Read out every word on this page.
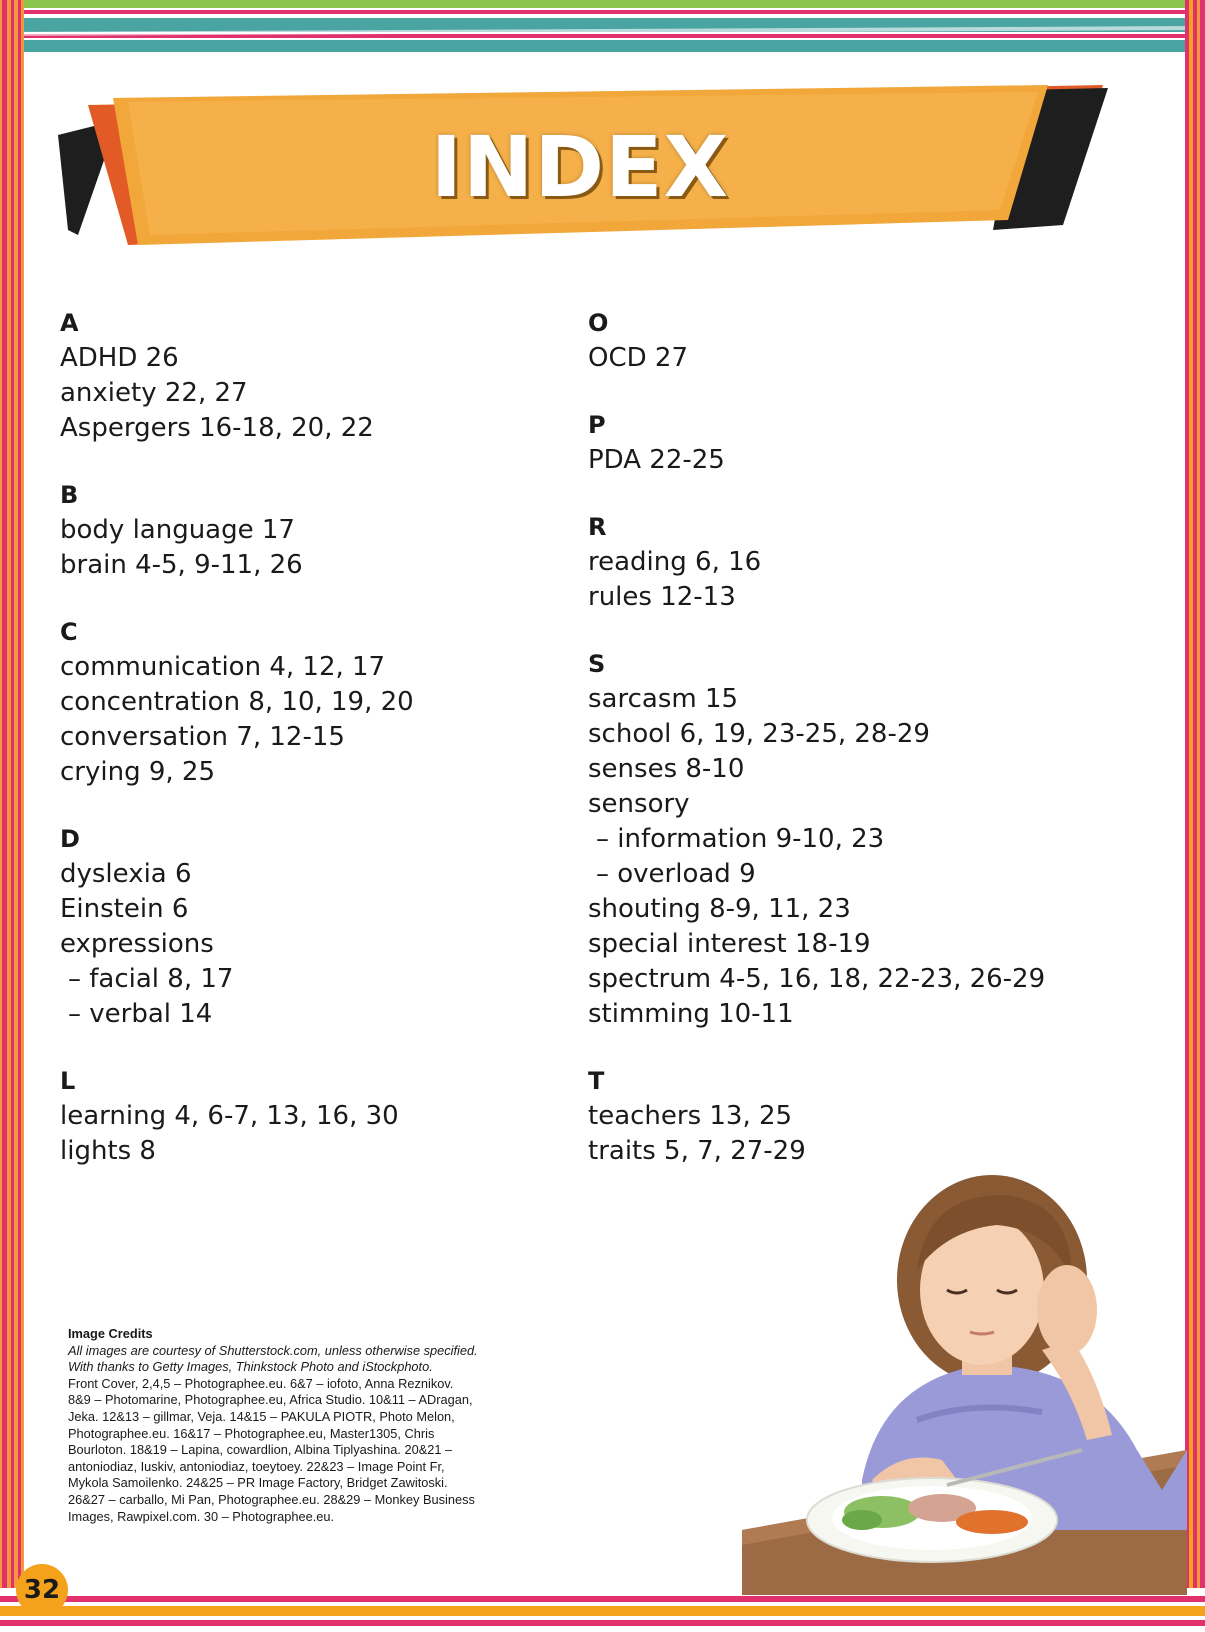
INDEX
A
ADHD 26
anxiety 22, 27
Aspergers 16-18, 20, 22
B
body language 17
brain 4-5, 9-11, 26
C
communication 4, 12, 17
concentration 8, 10, 19, 20
conversation 7, 12-15
crying 9, 25
D
dyslexia 6
Einstein 6
expressions
– facial 8, 17
– verbal 14
L
learning 4, 6-7, 13, 16, 30
lights 8
O
OCD 27
P
PDA 22-25
R
reading 6, 16
rules 12-13
S
sarcasm 15
school 6, 19, 23-25, 28-29
senses 8-10
sensory
– information 9-10, 23
– overload 9
shouting 8-9, 11, 23
special interest 18-19
spectrum 4-5, 16, 18, 22-23, 26-29
stimming 10-11
T
teachers 13, 25
traits 5, 7, 27-29
Image Credits
All images are courtesy of Shutterstock.com, unless otherwise specified.
With thanks to Getty Images, Thinkstock Photo and iStockphoto.
Front Cover, 2,4,5 – Photographee.eu. 6&7 – iofoto, Anna Reznikov.
8&9 – Photomarine, Photographee.eu, Africa Studio. 10&11 – ADragan,
Jeka. 12&13 – gillmar, Veja. 14&15 – PAKULA PIOTR, Photo Melon,
Photographee.eu. 16&17 – Photographee.eu, Master1305, Chris
Bourloton. 18&19 – Lapina, cowardlion, Albina Tiplyashina. 20&21 –
antoniodiaz, Iuskiv, antoniodiaz, toeytoey. 22&23 – Image Point Fr,
Mykola Samoilenko. 24&25 – PR Image Factory, Bridget Zawitoski.
26&27 – carballo, Mi Pan, Photographee.eu. 28&29 – Monkey Business
Images, Rawpixel.com. 30 – Photographee.eu.
32
